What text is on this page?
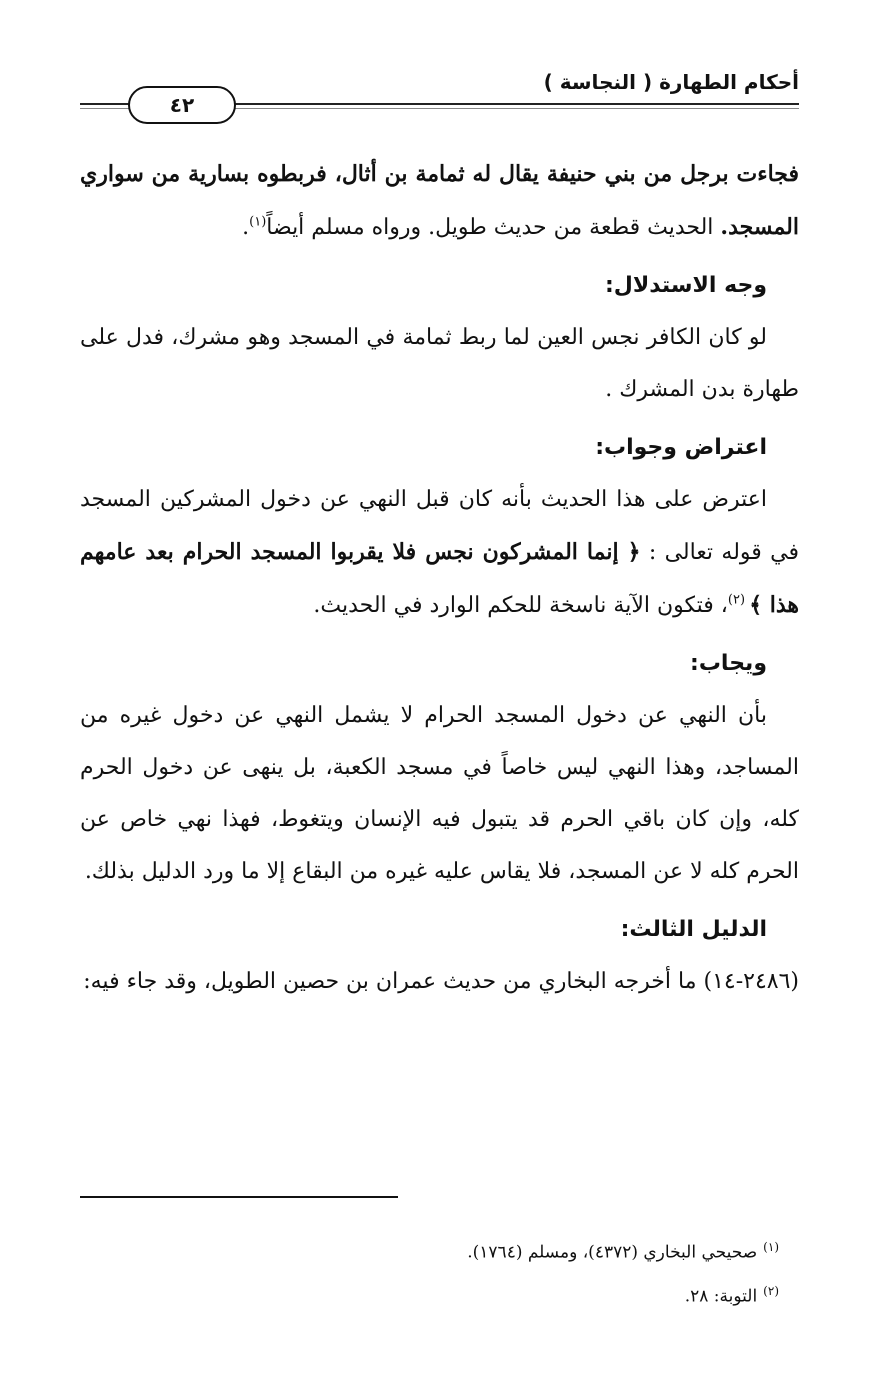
أحكام الطهارة ( النجاسة )
٤٢

فجاءت برجل من بني حنيفة يقال له ثمامة بن أثال، فربطوه بسارية من سواري المسجد. الحديث قطعة من حديث طويل. ورواه مسلم أيضاً$^{(١)}$.

وجه الاستدلال:

لو كان الكافر نجس العين لما ربط ثمامة في المسجد وهو مشرك، فدل على طهارة بدن المشرك .

اعتراض وجواب:

اعترض على هذا الحديث بأنه كان قبل النهي عن دخول المشركين المسجد في قوله تعالى : ﴿ إنما المشركون نجس فلا يقربوا المسجد الحرام بعد عامهم هذا ﴾ $^{(٢)}$، فتكون الآية ناسخة للحكم الوارد في الحديث.

ويجاب:

بأن النهي عن دخول المسجد الحرام لا يشمل النهي عن دخول غيره من المساجد، وهذا النهي ليس خاصاً في مسجد الكعبة، بل ينهى عن دخول الحرم كله، وإن كان باقي الحرم قد يتبول فيه الإنسان ويتغوط، فهذا نهي خاص عن الحرم كله لا عن المسجد، فلا يقاس عليه غيره من البقاع إلا ما ورد الدليل بذلك.

الدليل الثالث:

(٢٤٨٦-١٤) ما أخرجه البخاري من حديث عمران بن حصين الطويل، وقد جاء فيه:

$^{(١)}$صحيحي البخاري (٤٣٧٢)، ومسلم (١٧٦٤).

$^{(٢)}$التوبة: ٢٨.
